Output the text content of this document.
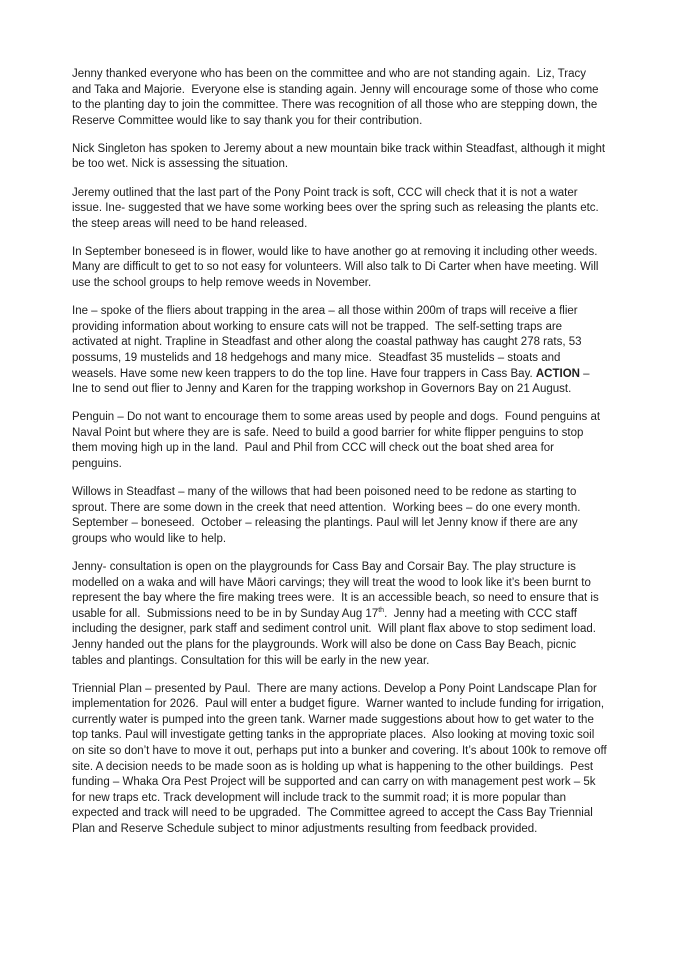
Jenny thanked everyone who has been on the committee and who are not standing again.  Liz, Tracy and Taka and Majorie.  Everyone else is standing again. Jenny will encourage some of those who come to the planting day to join the committee. There was recognition of all those who are stepping down, the Reserve Committee would like to say thank you for their contribution.

Nick Singleton has spoken to Jeremy about a new mountain bike track within Steadfast, although it might be too wet. Nick is assessing the situation.

Jeremy outlined that the last part of the Pony Point track is soft, CCC will check that it is not a water issue. Ine- suggested that we have some working bees over the spring such as releasing the plants etc. the steep areas will need to be hand released.

In September boneseed is in flower, would like to have another go at removing it including other weeds. Many are difficult to get to so not easy for volunteers. Will also talk to Di Carter when have meeting. Will use the school groups to help remove weeds in November.

Ine – spoke of the fliers about trapping in the area – all those within 200m of traps will receive a flier providing information about working to ensure cats will not be trapped.  The self-setting traps are activated at night. Trapline in Steadfast and other along the coastal pathway has caught 278 rats, 53 possums, 19 mustelids and 18 hedgehogs and many mice.  Steadfast 35 mustelids – stoats and weasels. Have some new keen trappers to do the top line. Have four trappers in Cass Bay. ACTION – Ine to send out flier to Jenny and Karen for the trapping workshop in Governors Bay on 21 August.

Penguin – Do not want to encourage them to some areas used by people and dogs.  Found penguins at Naval Point but where they are is safe. Need to build a good barrier for white flipper penguins to stop them moving high up in the land.  Paul and Phil from CCC will check out the boat shed area for penguins.

Willows in Steadfast – many of the willows that had been poisoned need to be redone as starting to sprout. There are some down in the creek that need attention.  Working bees – do one every month. September – boneseed.  October – releasing the plantings. Paul will let Jenny know if there are any groups who would like to help.

Jenny- consultation is open on the playgrounds for Cass Bay and Corsair Bay. The play structure is modelled on a waka and will have Māori carvings; they will treat the wood to look like it’s been burnt to represent the bay where the fire making trees were.  It is an accessible beach, so need to ensure that is usable for all.  Submissions need to be in by Sunday Aug 17th.  Jenny had a meeting with CCC staff including the designer, park staff and sediment control unit.  Will plant flax above to stop sediment load.  Jenny handed out the plans for the playgrounds. Work will also be done on Cass Bay Beach, picnic tables and plantings. Consultation for this will be early in the new year.

Triennial Plan – presented by Paul.  There are many actions. Develop a Pony Point Landscape Plan for implementation for 2026.  Paul will enter a budget figure.  Warner wanted to include funding for irrigation, currently water is pumped into the green tank. Warner made suggestions about how to get water to the top tanks. Paul will investigate getting tanks in the appropriate places.  Also looking at moving toxic soil on site so don’t have to move it out, perhaps put into a bunker and covering. It’s about 100k to remove off site. A decision needs to be made soon as is holding up what is happening to the other buildings.  Pest funding – Whaka Ora Pest Project will be supported and can carry on with management pest work – 5k for new traps etc. Track development will include track to the summit road; it is more popular than expected and track will need to be upgraded.  The Committee agreed to accept the Cass Bay Triennial Plan and Reserve Schedule subject to minor adjustments resulting from feedback provided.
